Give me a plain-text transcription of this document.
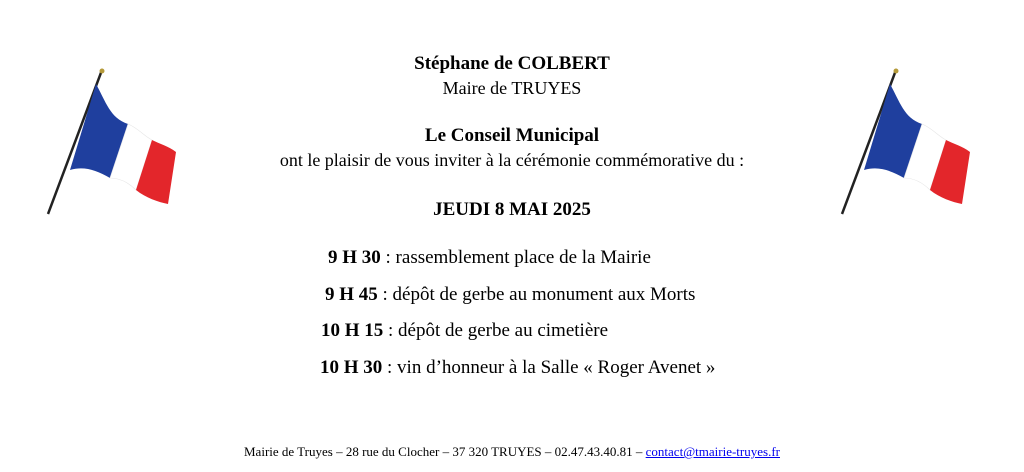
Stéphane de COLBERT
Maire de TRUYES
Le Conseil Municipal
ont le plaisir de vous inviter à la cérémonie commémorative du :
JEUDI 8 MAI 2025
9 H 30 : rassemblement place de la Mairie
9 H 45 : dépôt de gerbe au monument aux Morts
10 H 15 : dépôt de gerbe au cimetière
10 H 30 : vin d’honneur à la Salle « Roger Avenet »
Mairie de Truyes – 28 rue du Clocher – 37 320 TRUYES – 02.47.43.40.81 – contact@tmairie-truyes.fr
